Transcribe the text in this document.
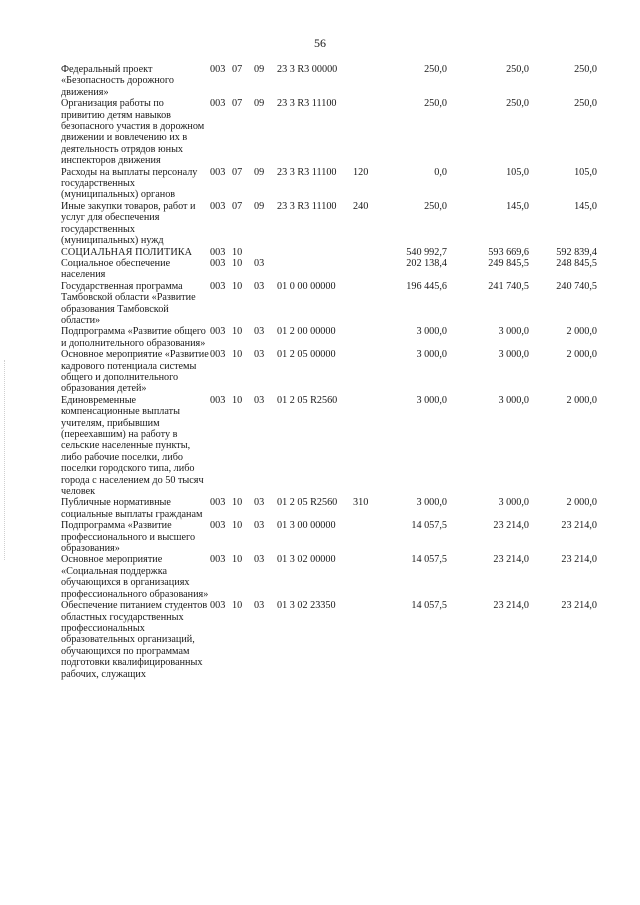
56
Федеральный проект «Безопасность дорожного движения»
003 07 09 23 3 R3 00000	250,0	250,0	250,0
Организация работы по привитию детям навыков безопасного участия в дорожном движении и вовлечению их в деятельность отрядов юных инспекторов движения
003 07 09 23 3 R3 11100	250,0	250,0	250,0
Расходы на выплаты персоналу государственных (муниципальных) органов
003 07 09 23 3 R3 11100 120	0,0	105,0	105,0
Иные закупки товаров, работ и услуг для обеспечения государственных (муниципальных) нужд
003 07 09 23 3 R3 11100 240	250,0	145,0	145,0
СОЦИАЛЬНАЯ ПОЛИТИКА	003 10	540 992,7	593 669,6	592 839,4
Социальное обеспечение населения
003 10 03	202 138,4	249 845,5	248 845,5
Государственная программа Тамбовской области «Развитие образования Тамбовской области»
003 10 03 01 0 00 00000	196 445,6	241 740,5	240 740,5
Подпрограмма «Развитие общего и дополнительного образования»
003 10 03 01 2 00 00000	3 000,0	3 000,0	2 000,0
Основное мероприятие «Развитие кадрового потенциала системы общего и дополнительного образования детей»
003 10 03 01 2 05 00000	3 000,0	3 000,0	2 000,0
Единовременные компенсационные выплаты учителям, прибывшим (переехавшим) на работу в сельские населенные пункты, либо рабочие поселки, либо поселки городского типа, либо города с населением до 50 тысяч человек
003 10 03 01 2 05 R2560	3 000,0	3 000,0	2 000,0
Публичные нормативные социальные выплаты гражданам
003 10 03 01 2 05 R2560 310	3 000,0	3 000,0	2 000,0
Подпрограмма «Развитие профессионального и высшего образования»
003 10 03 01 3 00 00000	14 057,5	23 214,0	23 214,0
Основное мероприятие «Социальная поддержка обучающихся в организациях профессионального образования»
003 10 03 01 3 02 00000	14 057,5	23 214,0	23 214,0
Обеспечение питанием студентов областных государственных профессиональных образовательных организаций, обучающихся по программам подготовки квалифицированных рабочих, служащих
003 10 03 01 3 02 23350	14 057,5	23 214,0	23 214,0
